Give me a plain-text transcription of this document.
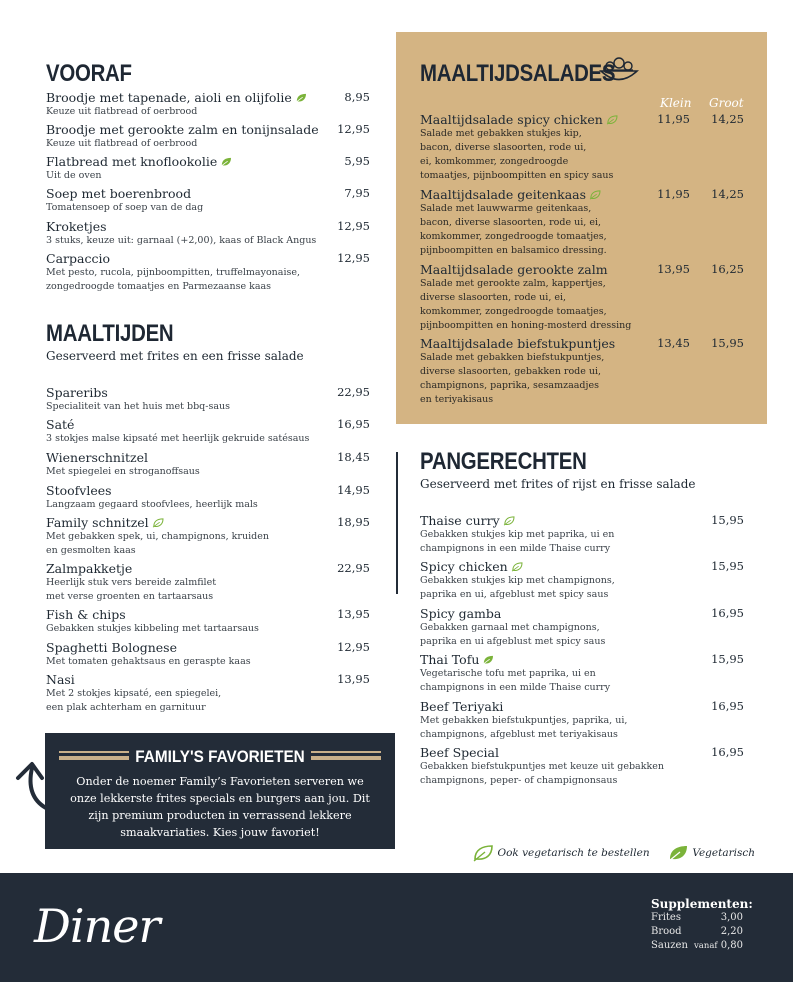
VOORAF
Broodje met tapenade, aioli en olijfolie	8,95
Keuze uit flatbread of oerbrood
Broodje met gerookte zalm en tonijnsalade	12,95
Keuze uit flatbread of oerbrood
Flatbread met knoflookolie	5,95
Uit de oven
Soep met boerenbrood	7,95
Tomatensoep of soep van de dag
Kroketjes	12,95
3 stuks, keuze uit: garnaal (+2,00), kaas of Black Angus
Carpaccio	12,95
Met pesto, rucola, pijnboompitten, truffelmayonaise,
zongedroogde tomaatjes en Parmezaanse kaas
MAALTIJDEN
Geserveerd met frites en een frisse salade
Spareribs	22,95
Specialiteit van het huis met bbq-saus
Saté	16,95
3 stokjes malse kipsaté met heerlijk gekruide satésaus
Wienerschnitzel	18,45
Met spiegelei en stroganoffsaus
Stoofvlees	14,95
Langzaam gegaard stoofvlees, heerlijk mals
Family schnitzel	18,95
Met gebakken spek, ui, champignons, kruiden
en gesmolten kaas
Zalmpakketje	22,95
Heerlijk stuk vers bereide zalmfilet
met verse groenten en tartaarsaus
Fish & chips	13,95
Gebakken stukjes kibbeling met tartaarsaus
Spaghetti Bolognese	12,95
Met tomaten gehaktsaus en geraspte kaas
Nasi	13,95
Met 2 stokjes kipsaté, een spiegelei,
een plak achterham en garnituur
MAALTIJDSALADES
Klein Groot
Maaltijdsalade spicy chicken	11,95 14,25
Salade met gebakken stukjes kip,
bacon, diverse slasoorten, rode ui,
ei, komkommer, zongedroogde
tomaatjes, pijnboompitten en spicy saus
Maaltijdsalade geitenkaas	11,95 14,25
Salade met lauwwarme geitenkaas,
bacon, diverse slasoorten, rode ui, ei,
komkommer, zongedroogde tomaatjes,
pijnboompitten en balsamico dressing.
Maaltijdsalade gerookte zalm	13,95 16,25
Salade met gerookte zalm, kappertjes,
diverse slasoorten, rode ui, ei,
komkommer, zongedroogde tomaatjes,
pijnboompitten en honing-mosterd dressing
Maaltijdsalade biefstukpuntjes	13,45 15,95
Salade met gebakken biefstukpuntjes,
diverse slasoorten, gebakken rode ui,
champignons, paprika, sesamzaadjes
en teriyakisaus
PANGERECHTEN
Geserveerd met frites of rijst en frisse salade
Thaise curry	15,95
Gebakken stukjes kip met paprika, ui en
champignons in een milde Thaise curry
Spicy chicken	15,95
Gebakken stukjes kip met champignons,
paprika en ui, afgeblust met spicy saus
Spicy gamba	16,95
Gebakken garnaal met champignons,
paprika en ui afgeblust met spicy saus
Thai Tofu	15,95
Vegetarische tofu met paprika, ui en
champignons in een milde Thaise curry
Beef Teriyaki	16,95
Met gebakken biefstukpuntjes, paprika, ui,
champignons, afgeblust met teriyakisaus
Beef Special	16,95
Gebakken biefstukpuntjes met keuze uit gebakken
champignons, peper- of champignonsaus
FAMILY'S FAVORIETEN
Onder de noemer Family’s Favorieten serveren we onze lekkerste frites specials en burgers aan jou. Dit zijn premium producten in verrassend lekkere smaakvariaties. Kies jouw favoriet!
Ook vegetarisch te bestellen	Vegetarisch
Diner	Supplementen:
Frites	3,00
Brood	2,20
Sauzen vanaf 0,80
